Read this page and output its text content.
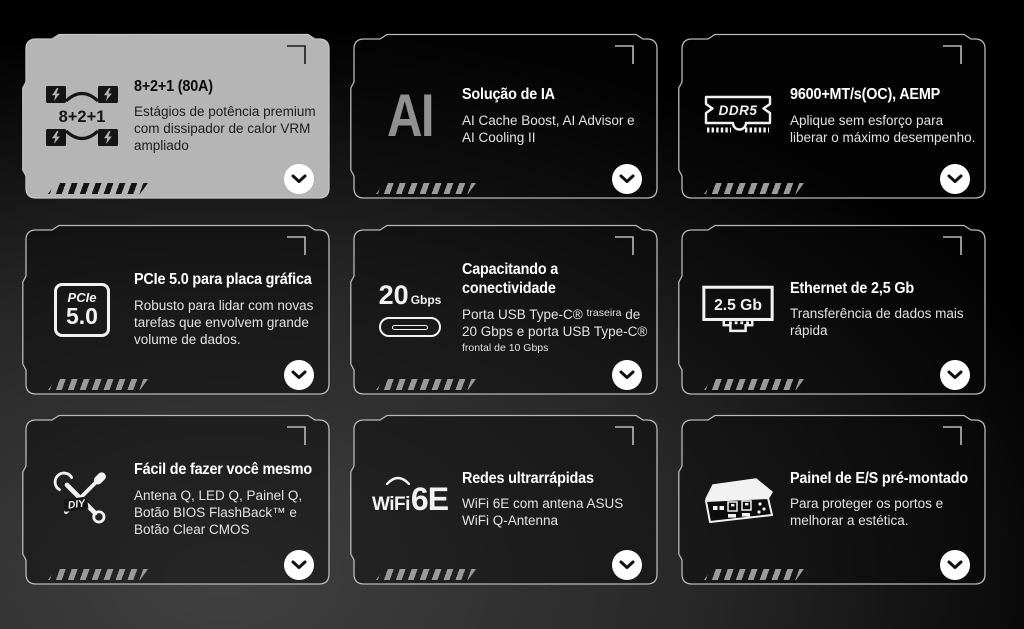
8+2+1
8+2+1 (80A)
Estágios de potência premium com dissipador de calor VRM ampliado	AI Solução de IA
AI Cache Boost, AI Advisor e AI Cooling II
DDR5
9600+MT/s(OC), AEMP
Aplique sem esforço para liberar o máximo desempenho.
PCIe
5.0
PCIe 5.0 para placa gráfica
Robusto para lidar com novas tarefas que envolvem grande volume de dados.
20 Gbps
Capacitando a conectividade
Porta USB Type-C® $^{traseira}$ de 20 Gbps e porta USB Type-C® $^{frontal de 10 Gbps}$
2.5 Gb
Ethernet de 2,5 Gb
Transferência de dados mais rápida
DIY
Fácil de fazer você mesmo
Antena Q, LED Q, Painel Q, Botão BIOS FlashBack™ e Botão Clear CMOS
WiFi 6E
Redes ultrarrápidas
WiFi 6E com antena ASUS WiFi Q-Antenna
Painel de E/S pré-montado
Para proteger os portos e melhorar a estética.
